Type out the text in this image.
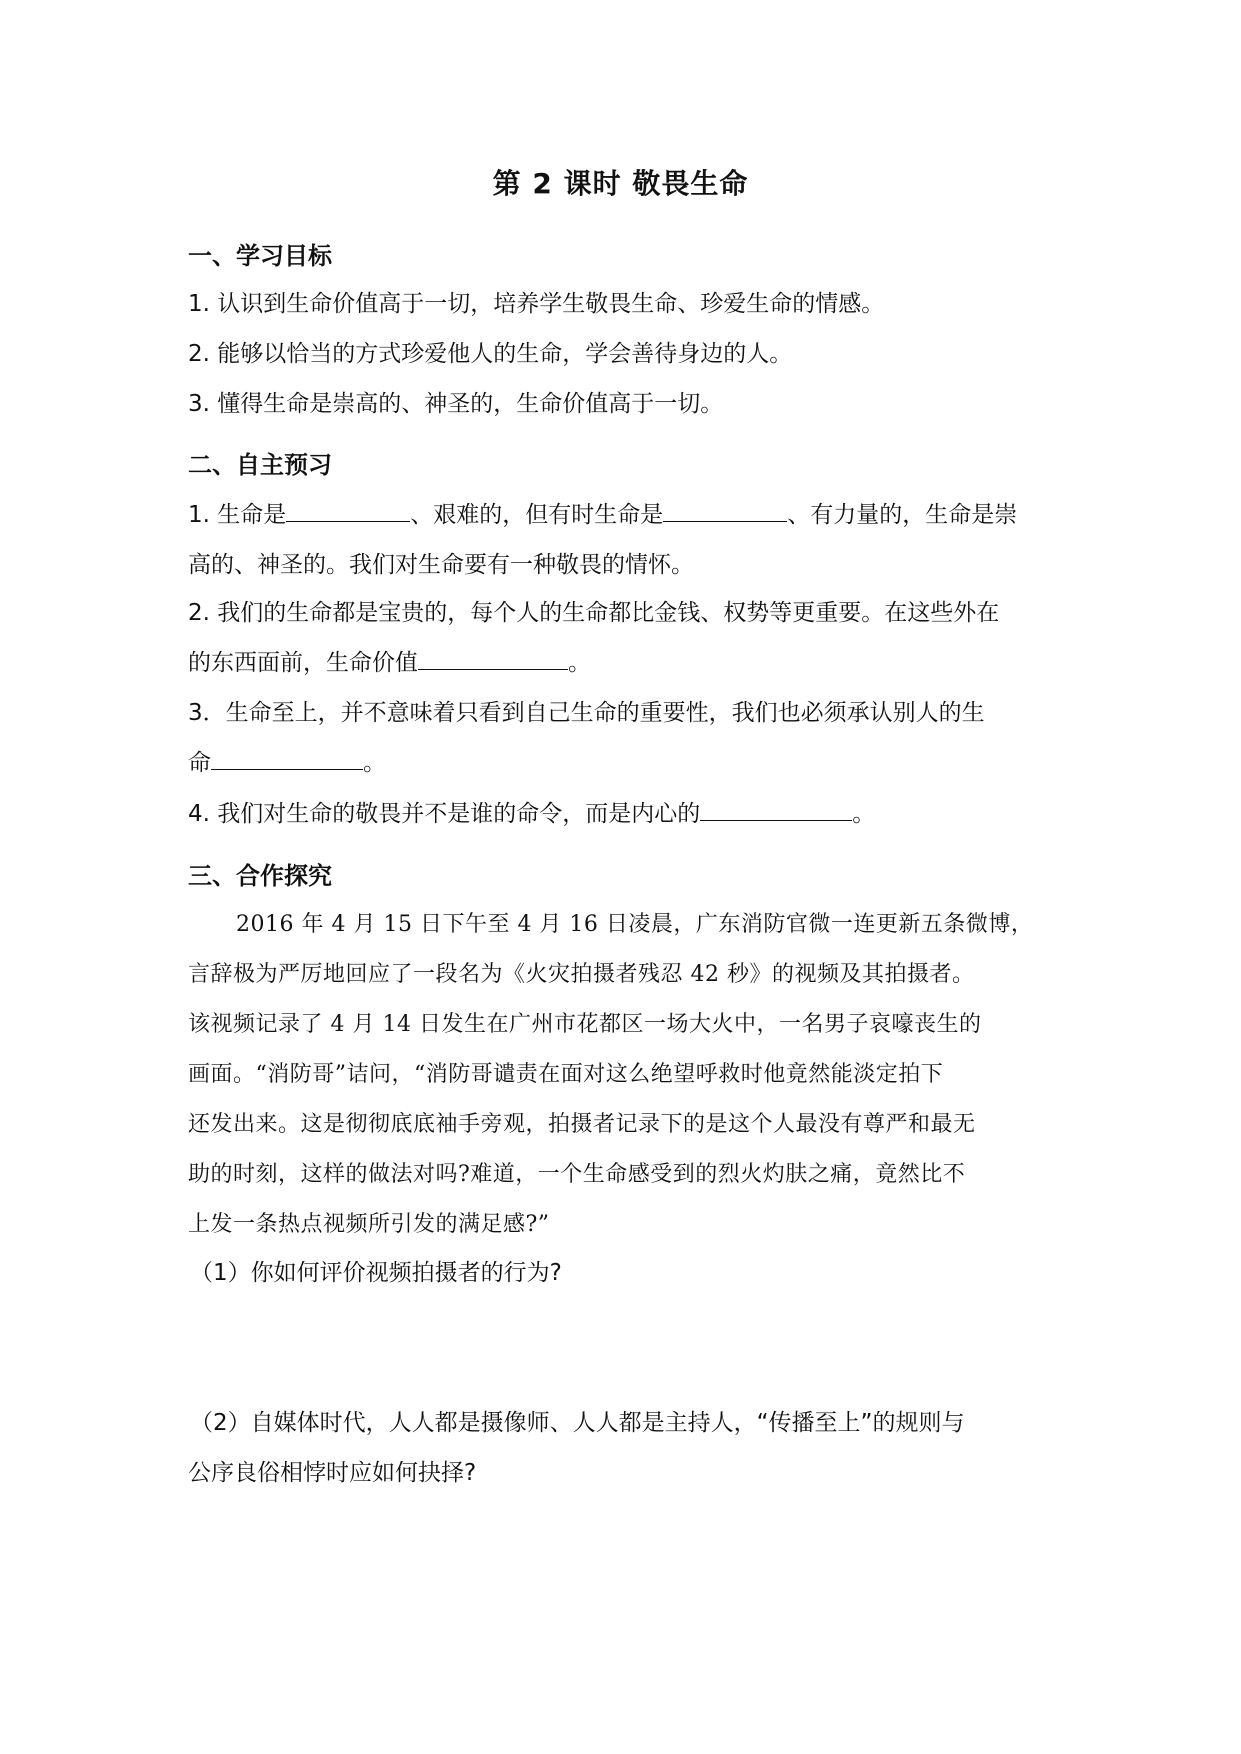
第 2 课时 敬畏生命
一、学习目标
1. 认识到生命价值高于一切，培养学生敬畏生命、珍爱生命的情感。
2. 能够以恰当的方式珍爱他人的生命，学会善待身边的人。
3. 懂得生命是崇高的、神圣的，生命价值高于一切。
二、自主预习
1. 生命是	、艰难的，但有时生命是	、有力量的，生命是崇
高的、神圣的。我们对生命要有一种敬畏的情怀。
2. 我们的生命都是宝贵的，每个人的生命都比金钱、权势等更重要。在这些外在
的东西面前，生命价值	。
3．生命至上，并不意味着只看到自己生命的重要性，我们也必须承认别人的生
命	。
4. 我们对生命的敬畏并不是谁的命令，而是内心的	。
三、合作探究
2016 年 4 月 15 日下午至 4 月 16 日凌晨，广东消防官微一连更新五条微博，
言辞极为严厉地回应了一段名为《火灾拍摄者残忍 42 秒》的视频及其拍摄者。
该视频记录了 4 月 14 日发生在广州市花都区一场大火中，一名男子哀嚎丧生的
画面。“消防哥”诘问，“消防哥谴责在面对这么绝望呼救时他竟然能淡定拍下
还发出来。这是彻彻底底袖手旁观，拍摄者记录下的是这个人最没有尊严和最无
助的时刻，这样的做法对吗?难道，一个生命感受到的烈火灼肤之痛，竟然比不
上发一条热点视频所引发的满足感?”
（1）你如何评价视频拍摄者的行为?
（2）自媒体时代，人人都是摄像师、人人都是主持人，“传播至上”的规则与
公序良俗相悖时应如何抉择?
